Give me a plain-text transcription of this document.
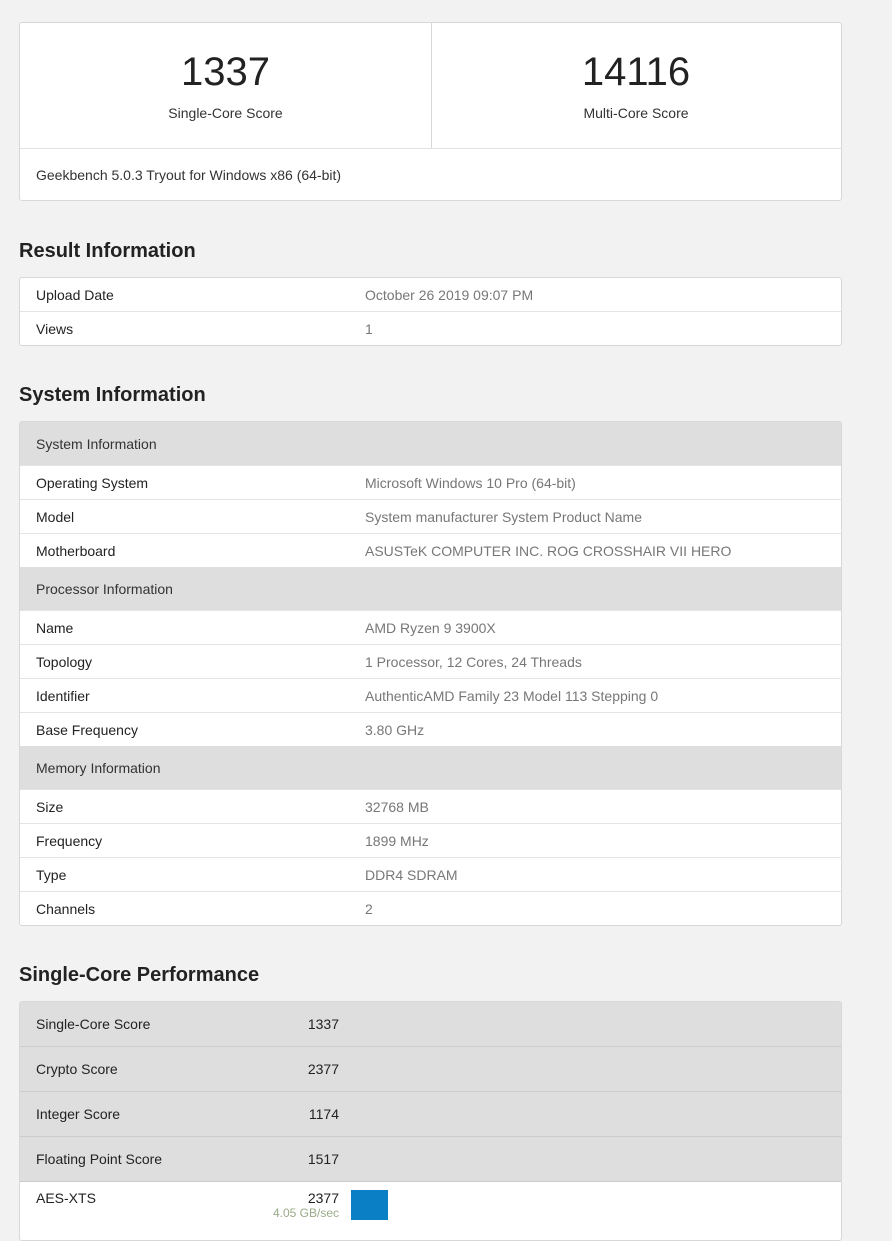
1337
Single-Core Score
14116
Multi-Core Score
Geekbench 5.0.3 Tryout for Windows x86 (64-bit)
Result Information
Upload Date	October 26 2019 09:07 PM
Views	1
System Information
System Information	
Operating System	Microsoft Windows 10 Pro (64-bit)
Model	System manufacturer System Product Name
Motherboard	ASUSTeK COMPUTER INC. ROG CROSSHAIR VII HERO
Processor Information	
Name	AMD Ryzen 9 3900X
Topology	1 Processor, 12 Cores, 24 Threads
Identifier	AuthenticAMD Family 23 Model 113 Stepping 0
Base Frequency	3.80 GHz
Memory Information	
Size	32768 MB
Frequency	1899 MHz
Type	DDR4 SDRAM
Channels	2
Single-Core Performance
Single-Core Score	1337	
Crypto Score	2377	
Integer Score	1174	
Floating Point Score	1517	
AES-XTS	2377
4.05 GB/sec	
